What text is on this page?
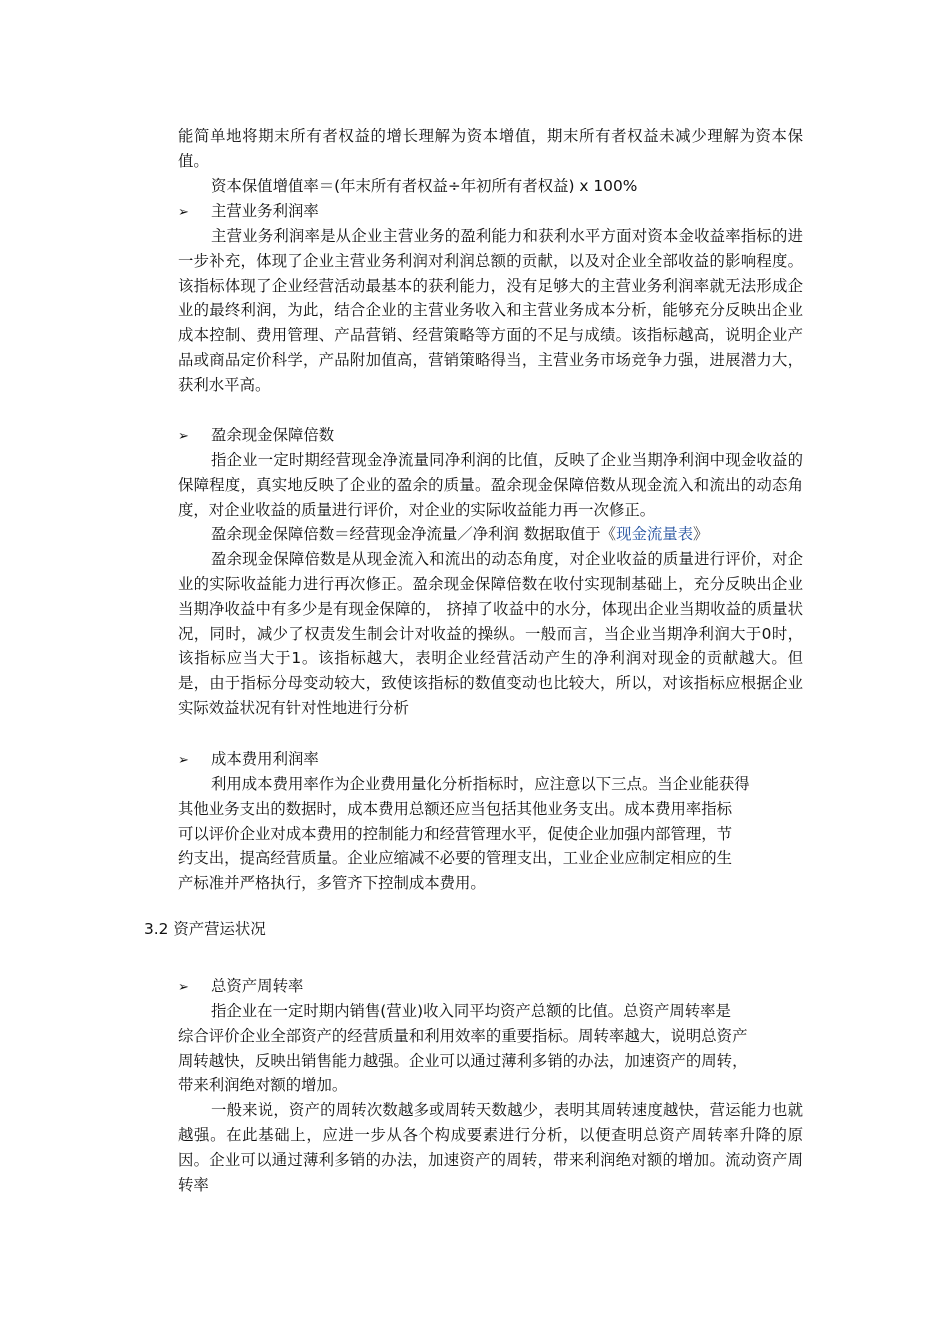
能简单地将期末所有者权益的增长理解为资本增值，期末所有者权益未减少理解为资本保值。

资本保值增值率＝(年末所有者权益÷年初所有者权益) x 100%

➢ 主营业务利润率

主营业务利润率是从企业主营业务的盈利能力和获利水平方面对资本金收益率指标的进一步补充，体现了企业主营业务利润对利润总额的贡献，以及对企业全部收益的影响程度。该指标体现了企业经营活动最基本的获利能力，没有足够大的主营业务利润率就无法形成企业的最终利润，为此，结合企业的主营业务收入和主营业务成本分析，能够充分反映出企业成本控制、费用管理、产品营销、经营策略等方面的不足与成绩。该指标越高，说明企业产品或商品定价科学，产品附加值高，营销策略得当，主营业务市场竞争力强，进展潜力大，获利水平高。

➢ 盈余现金保障倍数

指企业一定时期经营现金净流量同净利润的比值，反映了企业当期净利润中现金收益的保障程度，真实地反映了企业的盈余的质量。盈余现金保障倍数从现金流入和流出的动态角度，对企业收益的质量进行评价，对企业的实际收益能力再一次修正。

盈余现金保障倍数＝经营现金净流量／净利润 数据取值于《现金流量表》

盈余现金保障倍数是从现金流入和流出的动态角度，对企业收益的质量进行评价，对企业的实际收益能力进行再次修正。盈余现金保障倍数在收付实现制基础上，充分反映出企业当期净收益中有多少是有现金保障的， 挤掉了收益中的水分，体现出企业当期收益的质量状况，同时，减少了权责发生制会计对收益的操纵。一般而言，当企业当期净利润大于0时，该指标应当大于1。该指标越大，表明企业经营活动产生的净利润对现金的贡献越大。但是，由于指标分母变动较大，致使该指标的数值变动也比较大，所以，对该指标应根据企业实际效益状况有针对性地进行分析

➢ 成本费用利润率

利用成本费用率作为企业费用量化分析指标时，应注意以下三点。当企业能获得

其他业务支出的数据时，成本费用总额还应当包括其他业务支出。成本费用率指标

可以评价企业对成本费用的控制能力和经营管理水平，促使企业加强内部管理，节

约支出，提高经营质量。企业应缩减不必要的管理支出，工业企业应制定相应的生

产标准并严格执行，多管齐下控制成本费用。

3.2 资产营运状况
➢ 总资产周转率

指企业在一定时期内销售(营业)收入同平均资产总额的比值。总资产周转率是

综合评价企业全部资产的经营质量和利用效率的重要指标。周转率越大，说明总资产

周转越快，反映出销售能力越强。企业可以通过薄利多销的办法，加速资产的周转，

带来利润绝对额的增加。

一般来说，资产的周转次数越多或周转天数越少，表明其周转速度越快，营运能力也就越强。在此基础上，应进一步从各个构成要素进行分析，以便查明总资产周转率升降的原因。企业可以通过薄利多销的办法，加速资产的周转，带来利润绝对额的增加。流动资产周转率
